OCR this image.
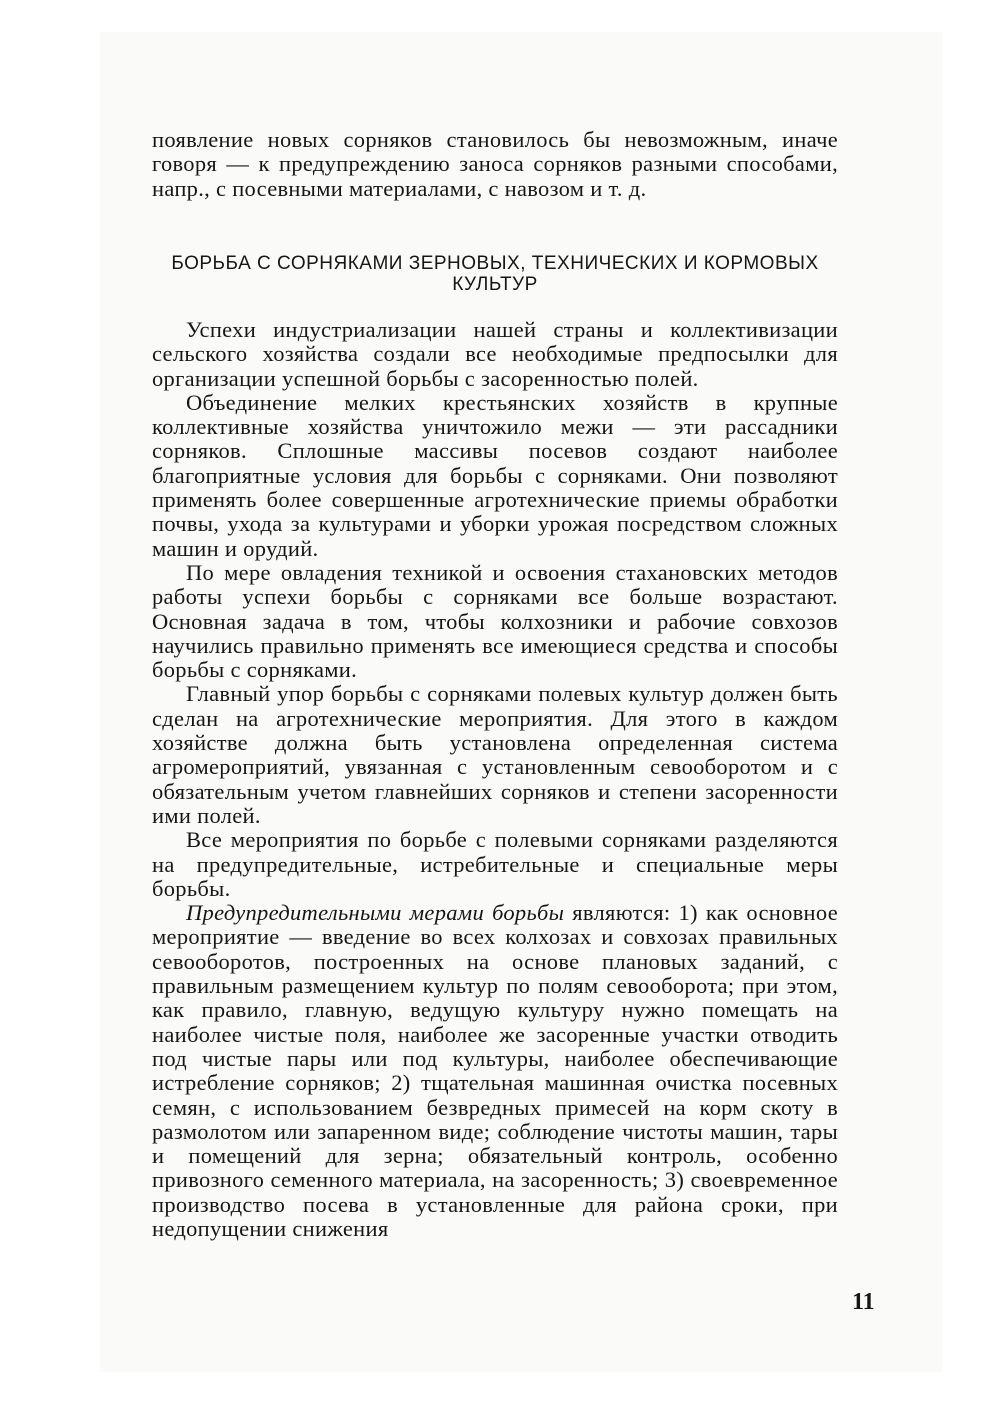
появление новых сорняков становилось бы невозможным, иначе говоря — к предупреждению заноса сорняков разными способами, напр., с посевными материалами, с навозом и т. д.

БОРЬБА С СОРНЯКАМИ ЗЕРНОВЫХ, ТЕХНИЧЕСКИХ И КОРМОВЫХ КУЛЬТУР

Успехи индустриализации нашей страны и коллективизации сельского хозяйства создали все необходимые предпосылки для организации успешной борьбы с засоренностью полей.

Объединение мелких крестьянских хозяйств в крупные коллективные хозяйства уничтожило межи — эти рассадники сорняков. Сплошные массивы посевов создают наиболее благоприятные условия для борьбы с сорняками. Они позволяют применять более совершенные агротехнические приемы обработки почвы, ухода за культурами и уборки урожая посредством сложных машин и орудий.

По мере овладения техникой и освоения стахановских методов работы успехи борьбы с сорняками все больше возрастают. Основная задача в том, чтобы колхозники и рабочие совхозов научились правильно применять все имеющиеся средства и способы борьбы с сорняками.

Главный упор борьбы с сорняками полевых культур должен быть сделан на агротехнические мероприятия. Для этого в каждом хозяйстве должна быть установлена определенная система агромероприятий, увязанная с установленным севооборотом и с обязательным учетом главнейших сорняков и степени засоренности ими полей.

Все мероприятия по борьбе с полевыми сорняками разделяются на предупредительные, истребительные и специальные меры борьбы.

Предупредительными мерами борьбы являются: 1) как основное мероприятие — введение во всех колхозах и совхозах правильных севооборотов, построенных на основе плановых заданий, с правильным размещением культур по полям севооборота; при этом, как правило, главную, ведущую культуру нужно помещать на наиболее чистые поля, наиболее же засоренные участки отводить под чистые пары или под культуры, наиболее обеспечивающие истребление сорняков; 2) тщательная машинная очистка посевных семян, с использованием безвредных примесей на корм скоту в размолотом или запаренном виде; соблюдение чистоты машин, тары и помещений для зерна; обязательный контроль, особенно привозного семенного материала, на засоренность; 3) своевременное производство посева в установленные для района сроки, при недопущении снижения

11
